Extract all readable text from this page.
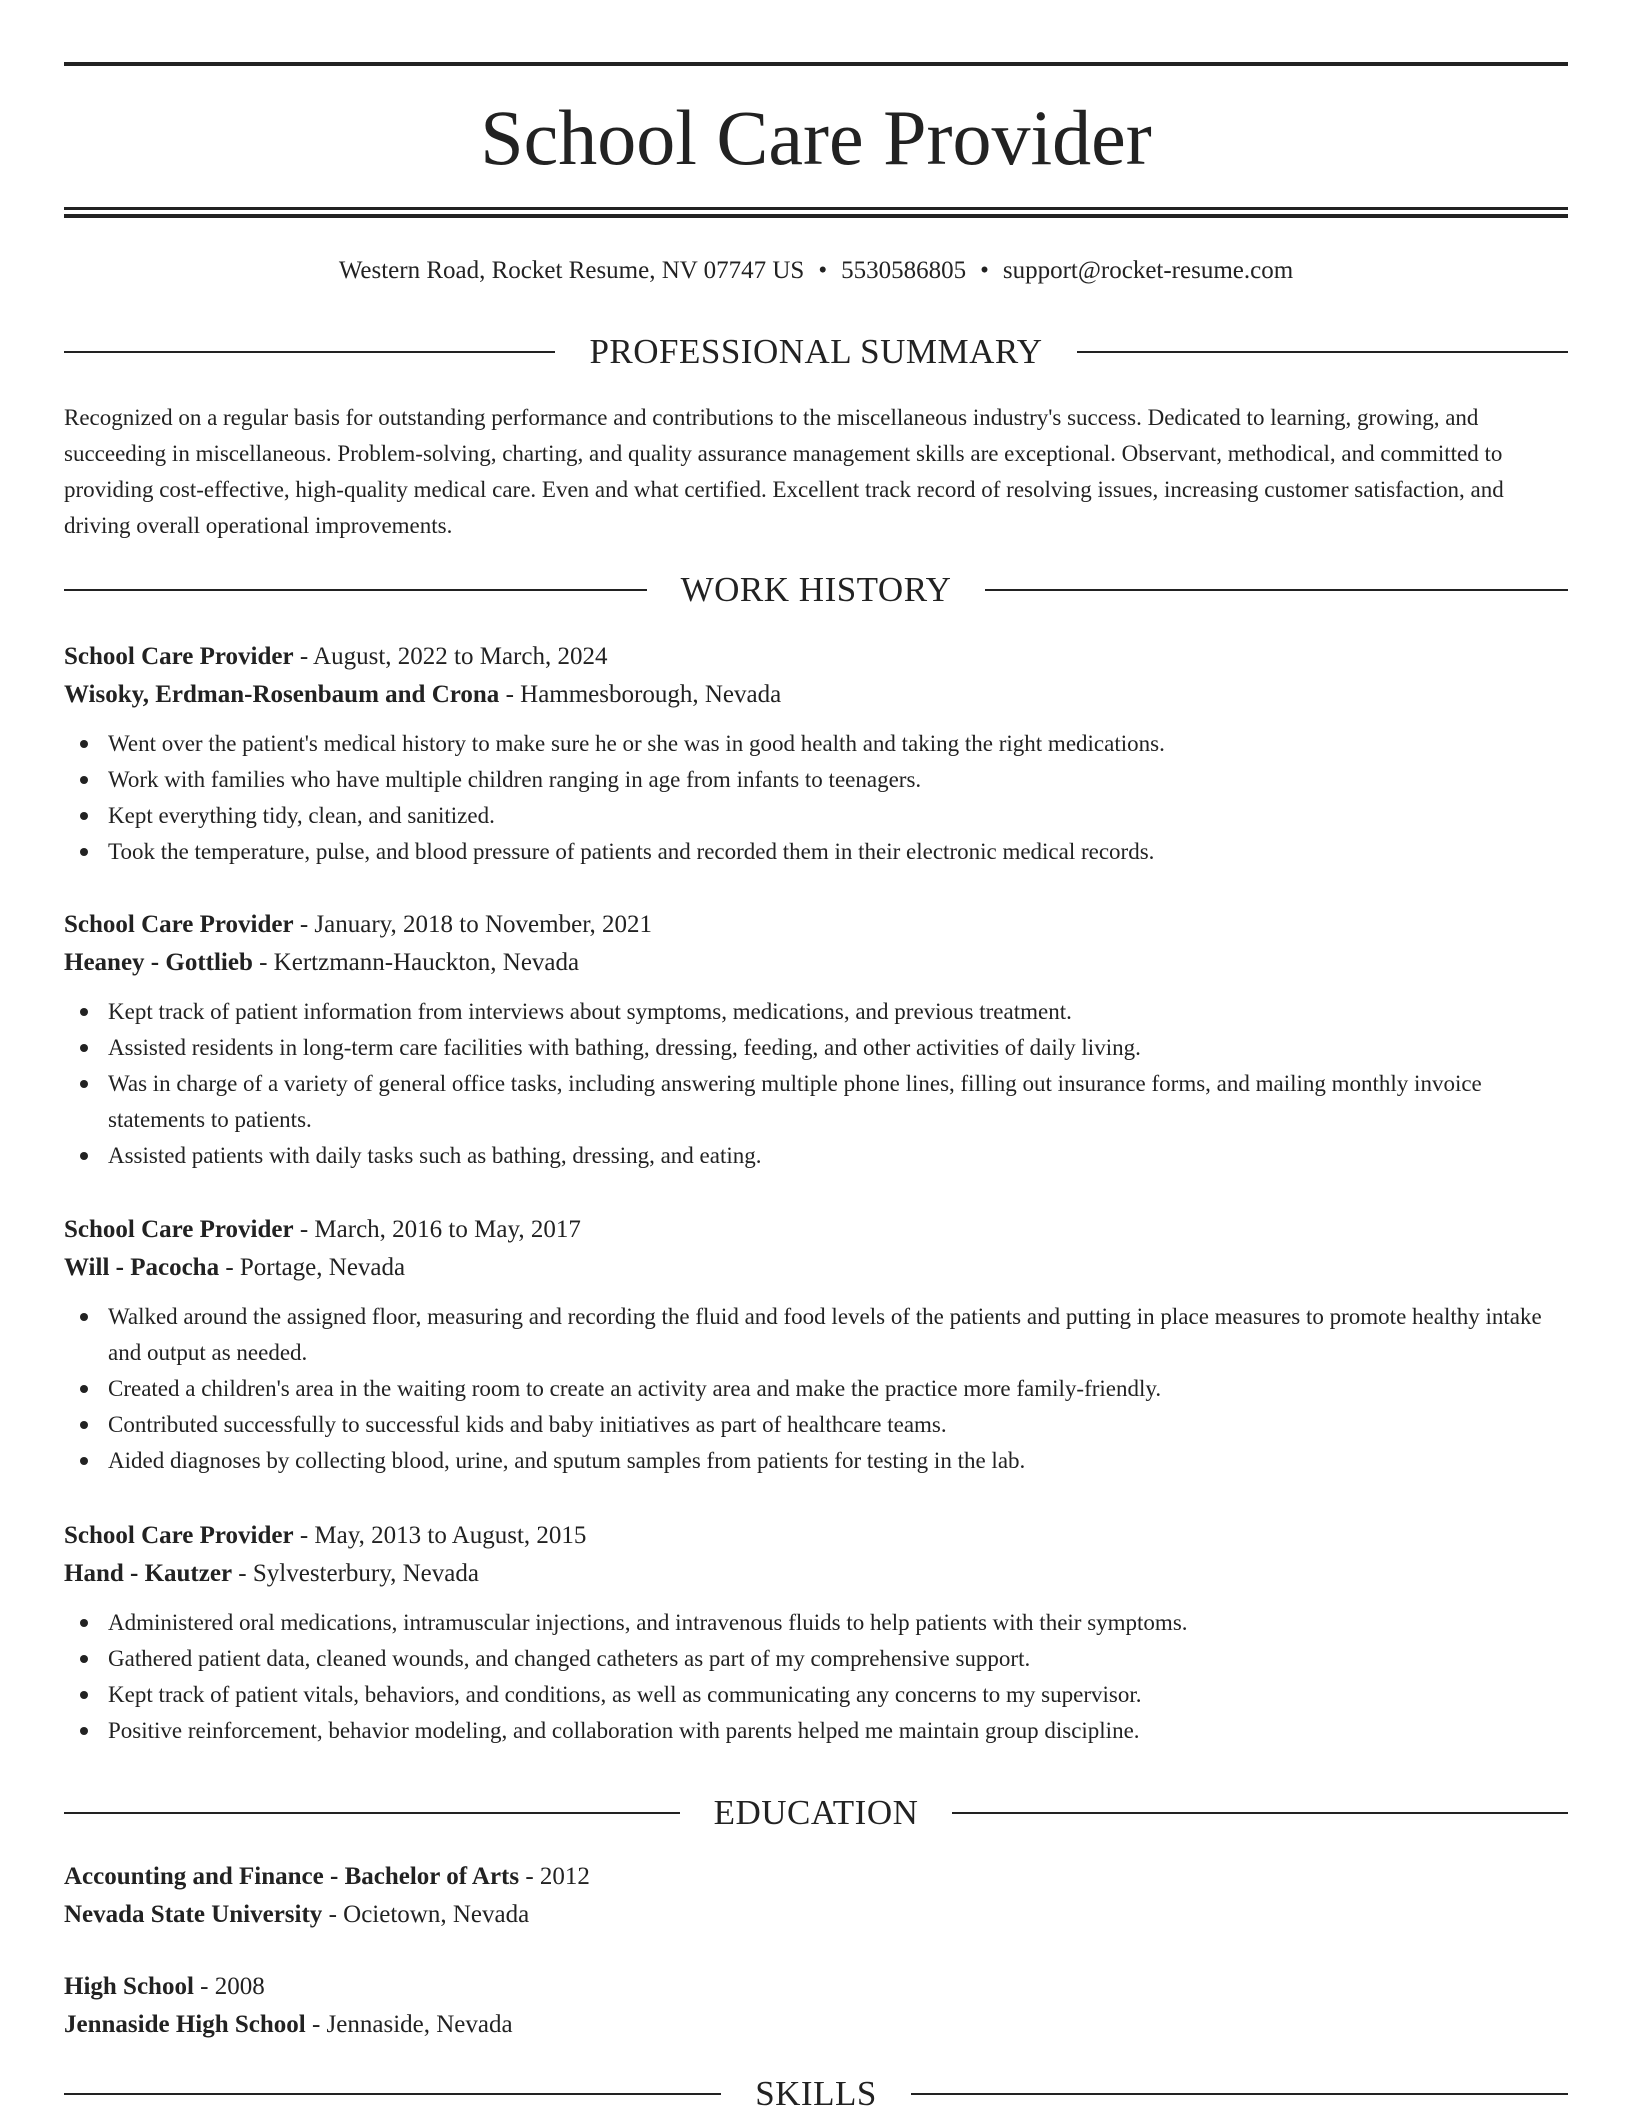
School Care Provider
Western Road, Rocket Resume, NV 07747 US • 5530586805 • support@rocket-resume.com
PROFESSIONAL SUMMARY

Recognized on a regular basis for outstanding performance and contributions to the miscellaneous industry's success. Dedicated to learning, growing, and succeeding in miscellaneous. Problem-solving, charting, and quality assurance management skills are exceptional. Observant, methodical, and committed to providing cost-effective, high-quality medical care. Even and what certified. Excellent track record of resolving issues, increasing customer satisfaction, and driving overall operational improvements.

WORK HISTORY
School Care Provider - August, 2022 to March, 2024
Wisoky, Erdman-Rosenbaum and Crona - Hammesborough, Nevada
Went over the patient's medical history to make sure he or she was in good health and taking the right medications.
Work with families who have multiple children ranging in age from infants to teenagers.
Kept everything tidy, clean, and sanitized.
Took the temperature, pulse, and blood pressure of patients and recorded them in their electronic medical records.
School Care Provider - January, 2018 to November, 2021
Heaney - Gottlieb - Kertzmann-Hauckton, Nevada
Kept track of patient information from interviews about symptoms, medications, and previous treatment.
Assisted residents in long-term care facilities with bathing, dressing, feeding, and other activities of daily living.
Was in charge of a variety of general office tasks, including answering multiple phone lines, filling out insurance forms, and mailing monthly invoice statements to patients.
Assisted patients with daily tasks such as bathing, dressing, and eating.
School Care Provider - March, 2016 to May, 2017
Will - Pacocha - Portage, Nevada
Walked around the assigned floor, measuring and recording the fluid and food levels of the patients and putting in place measures to promote healthy intake and output as needed.
Created a children's area in the waiting room to create an activity area and make the practice more family-friendly.
Contributed successfully to successful kids and baby initiatives as part of healthcare teams.
Aided diagnoses by collecting blood, urine, and sputum samples from patients for testing in the lab.
School Care Provider - May, 2013 to August, 2015
Hand - Kautzer - Sylvesterbury, Nevada
Administered oral medications, intramuscular injections, and intravenous fluids to help patients with their symptoms.
Gathered patient data, cleaned wounds, and changed catheters as part of my comprehensive support.
Kept track of patient vitals, behaviors, and conditions, as well as communicating any concerns to my supervisor.
Positive reinforcement, behavior modeling, and collaboration with parents helped me maintain group discipline.
EDUCATION
Accounting and Finance - Bachelor of Arts - 2012
Nevada State University - Ocietown, Nevada
High School - 2008
Jennaside High School - Jennaside, Nevada
SKILLS
